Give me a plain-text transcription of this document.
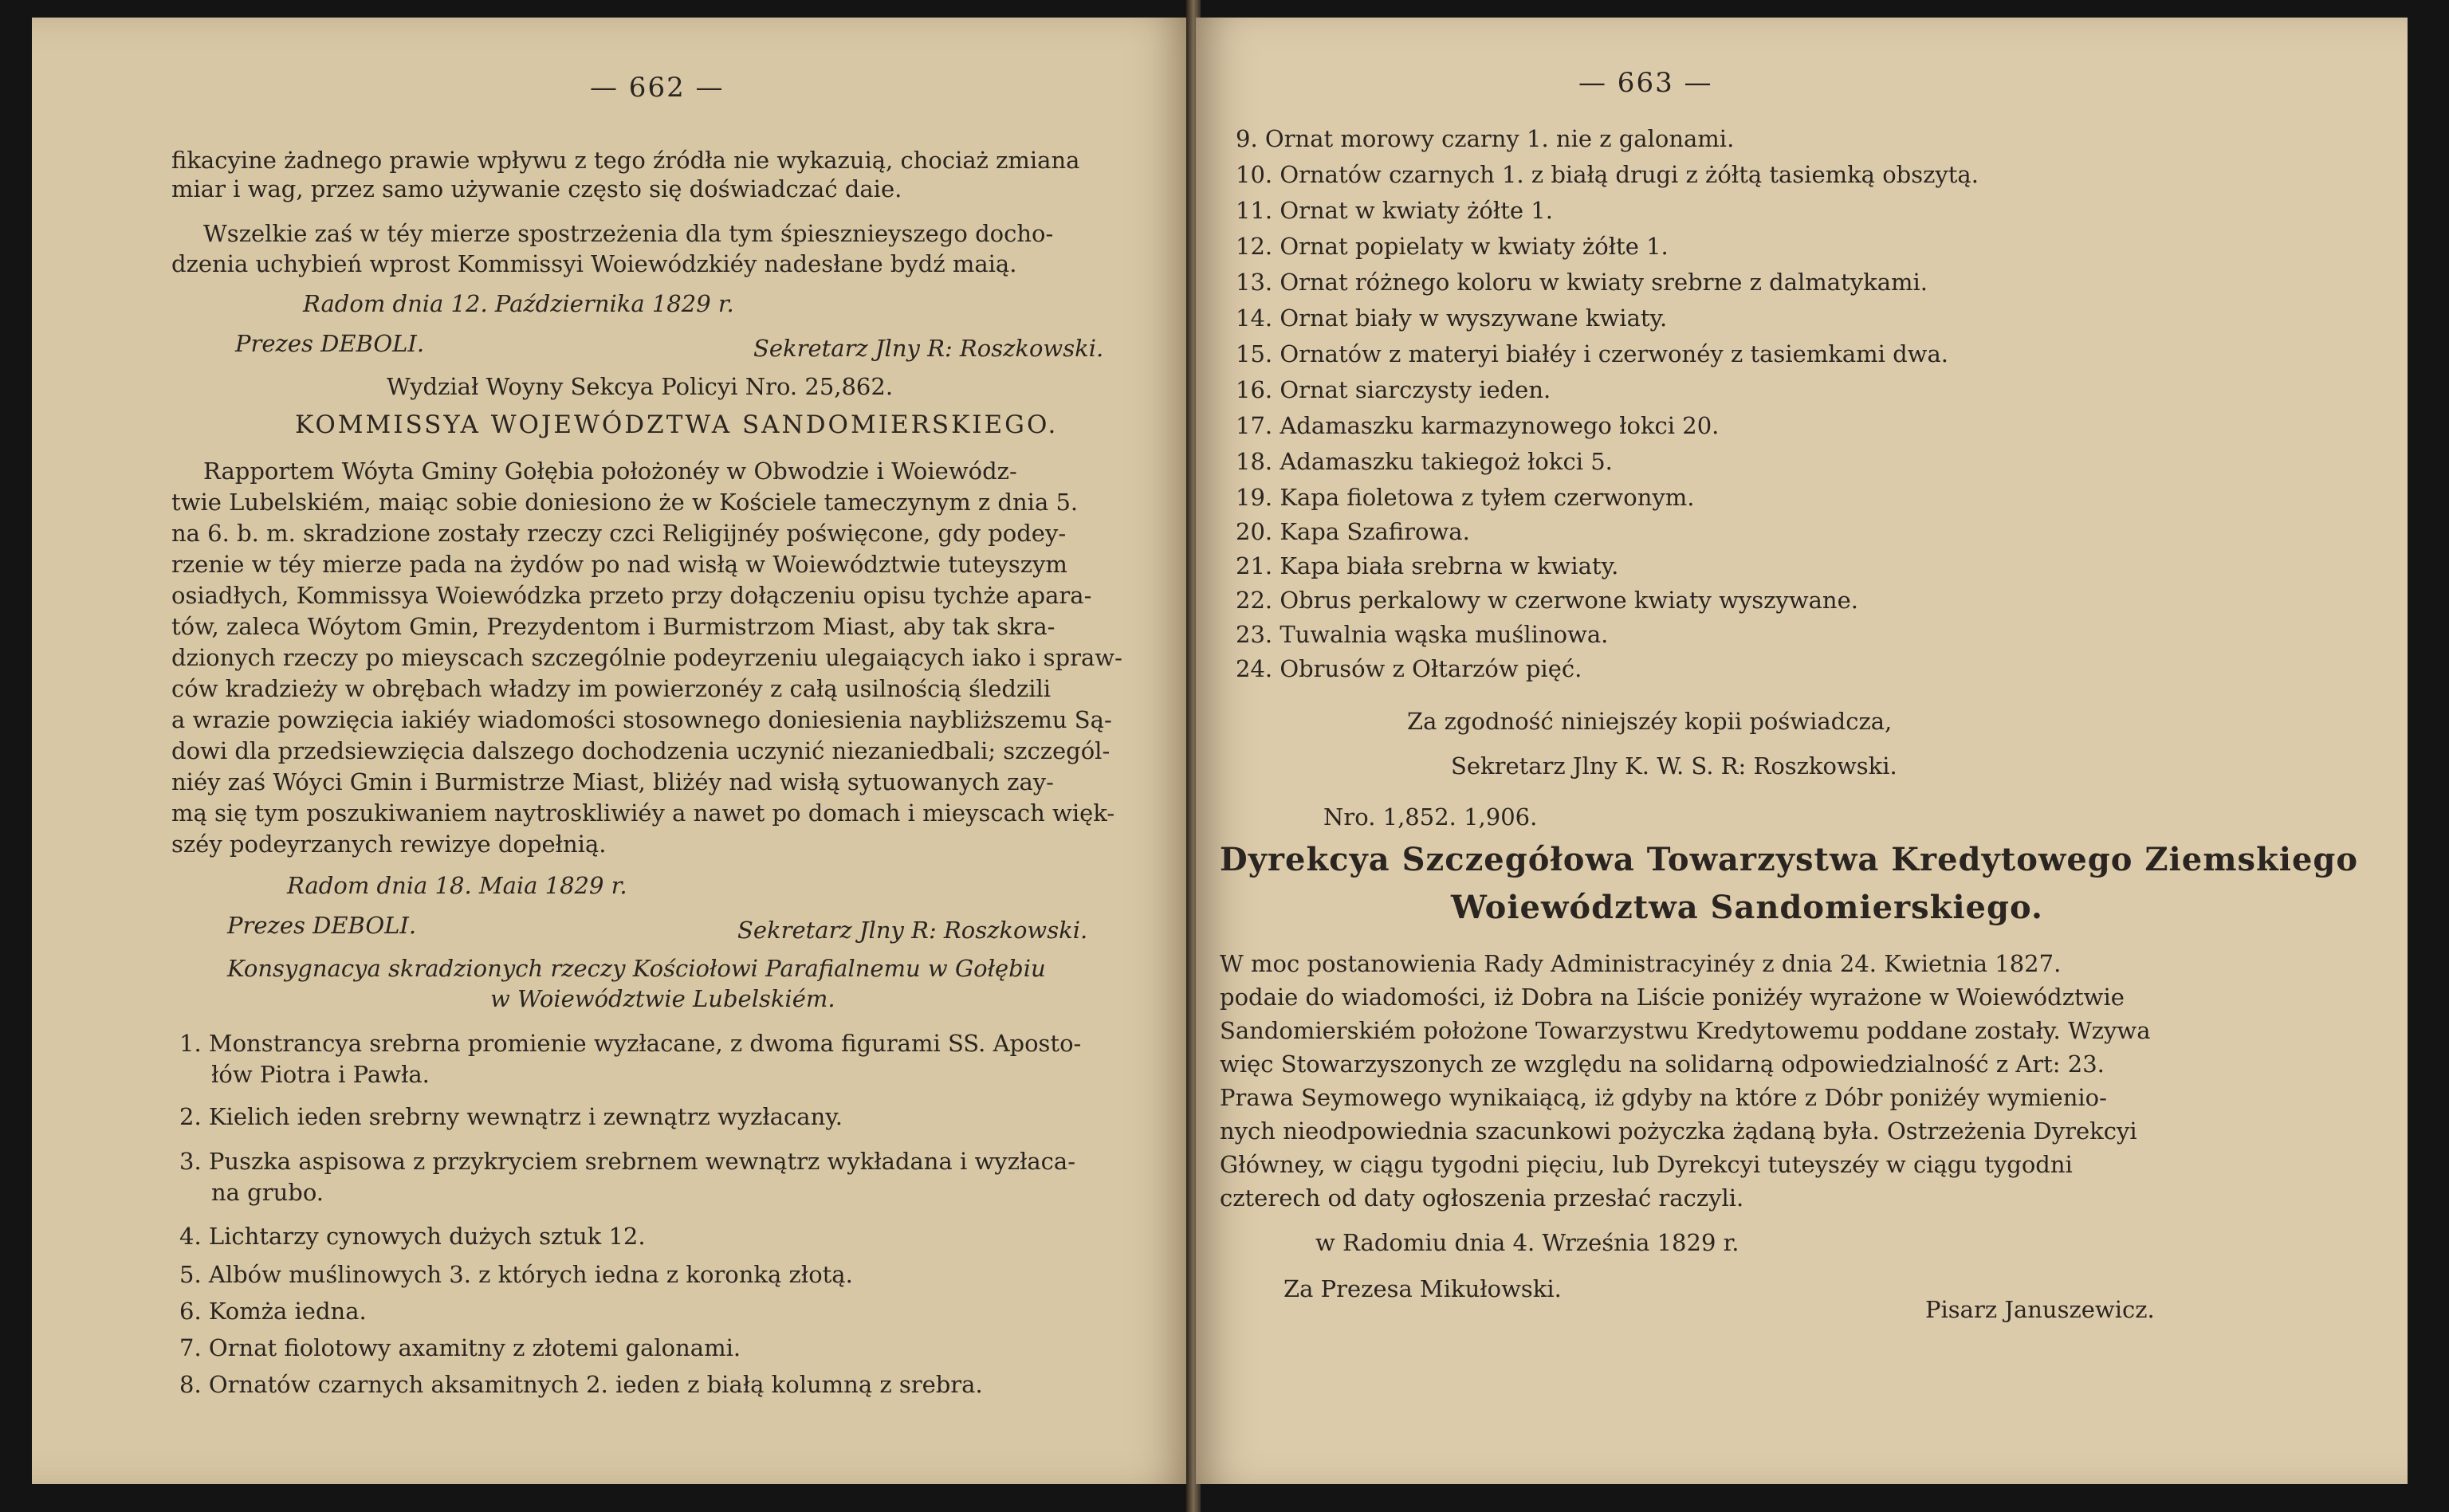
— 662 —
fikacyine żadnego prawie wpływu z tego źródła nie wykazuią, chociaż zmiana
miar i wag, przez samo używanie często się doświadczać daie.
Wszelkie zaś w téy mierze spostrzeżenia dla tym śpiesznieyszego docho-
dzenia uchybień wprost Kommissyi Woiewódzkiéy nadesłane bydź maią.
Radom dnia 12. Października 1829 r.
Prezes DEBOLI.	Sekretarz Jlny R: Roszkowski.
Wydział Woyny Sekcya Policyi Nro. 25,862.
KOMMISSYA WOJEWÓDZTWA SANDOMIERSKIEGO.
Rapportem Wóyta Gminy Gołębia położonéy w Obwodzie i Woiewódz-
twie Lubelskiém, maiąc sobie doniesiono że w Kościele tameczynym z dnia 5.
na 6. b. m. skradzione zostały rzeczy czci Religijnéy poświęcone, gdy podey-
rzenie w téy mierze pada na żydów po nad wisłą w Woiewództwie tuteyszym
osiadłych, Kommissya Woiewódzka przeto przy dołączeniu opisu tychże apara-
tów, zaleca Wóytom Gmin, Prezydentom i Burmistrzom Miast, aby tak skra-
dzionych rzeczy po mieyscach szczególnie podeyrzeniu ulegaiących iako i spraw-
ców kradzieży w obrębach władzy im powierzonéy z całą usilnością śledzili
a wrazie powzięcia iakiéy wiadomości stosownego doniesienia naybliższemu Są-
dowi dla przedsiewzięcia dalszego dochodzenia uczynić niezaniedbali; szczegól-
niéy zaś Wóyci Gmin i Burmistrze Miast, bliżéy nad wisłą sytuowanych zay-
mą się tym poszukiwaniem naytroskliwiéy a nawet po domach i mieyscach więk-
széy podeyrzanych rewizye dopełnią.
Radom dnia 18. Maia 1829 r.
Prezes DEBOLI.	Sekretarz Jlny R: Roszkowski.
Konsygnacya skradzionych rzeczy Kościołowi Parafialnemu w Gołębiu
w Woiewództwie Lubelskiém.
1. Monstrancya srebrna promienie wyzłacane, z dwoma figurami SS. Aposto-
łów Piotra i Pawła.
2. Kielich ieden srebrny wewnątrz i zewnątrz wyzłacany.
3. Puszka aspisowa z przykryciem srebrnem wewnątrz wykładana i wyzłaca-
na grubo.
4. Lichtarzy cynowych dużych sztuk 12.
5. Albów muślinowych 3. z których iedna z koronką złotą.
6. Komża iedna.
7. Ornat fiolotowy axamitny z złotemi galonami.
8. Ornatów czarnych aksamitnych 2. ieden z białą kolumną z srebra.
— 663 —
9. Ornat morowy czarny 1. nie z galonami.
10. Ornatów czarnych 1. z białą drugi z żółtą tasiemką obszytą.
11. Ornat w kwiaty żółte 1.
12. Ornat popielaty w kwiaty żółte 1.
13. Ornat różnego koloru w kwiaty srebrne z dalmatykami.
14. Ornat biały w wyszywane kwiaty.
15. Ornatów z materyi białéy i czerwonéy z tasiemkami dwa.
16. Ornat siarczysty ieden.
17. Adamaszku karmazynowego łokci 20.
18. Adamaszku takiegoż łokci 5.
19. Kapa fioletowa z tyłem czerwonym.
20. Kapa Szafirowa.
21. Kapa biała srebrna w kwiaty.
22. Obrus perkalowy w czerwone kwiaty wyszywane.
23. Tuwalnia wąska muślinowa.
24. Obrusów z Ołtarzów pięć.
Za zgodność niniejszéy kopii poświadcza,
Sekretarz Jlny K. W. S. R: Roszkowski.
Nro. 1,852. 1,906.
Dyrekcya Szczegółowa Towarzystwa Kredytowego Ziemskiego
Woiewództwa Sandomierskiego.
W moc postanowienia Rady Administracyinéy z dnia 24. Kwietnia 1827.
podaie do wiadomości, iż Dobra na Liście poniżéy wyrażone w Woiewództwie
Sandomierskiém położone Towarzystwu Kredytowemu poddane zostały. Wzywa
więc Stowarzyszonych ze względu na solidarną odpowiedzialność z Art: 23.
Prawa Seymowego wynikaiącą, iż gdyby na które z Dóbr poniżéy wymienio-
nych nieodpowiednia szacunkowi pożyczka żądaną była. Ostrzeżenia Dyrekcyi
Główney, w ciągu tygodni pięciu, lub Dyrekcyi tuteyszéy w ciągu tygodni
czterech od daty ogłoszenia przesłać raczyli.
w Radomiu dnia 4. Września 1829 r.
Za Prezesa Mikułowski.
Pisarz Januszewicz.
